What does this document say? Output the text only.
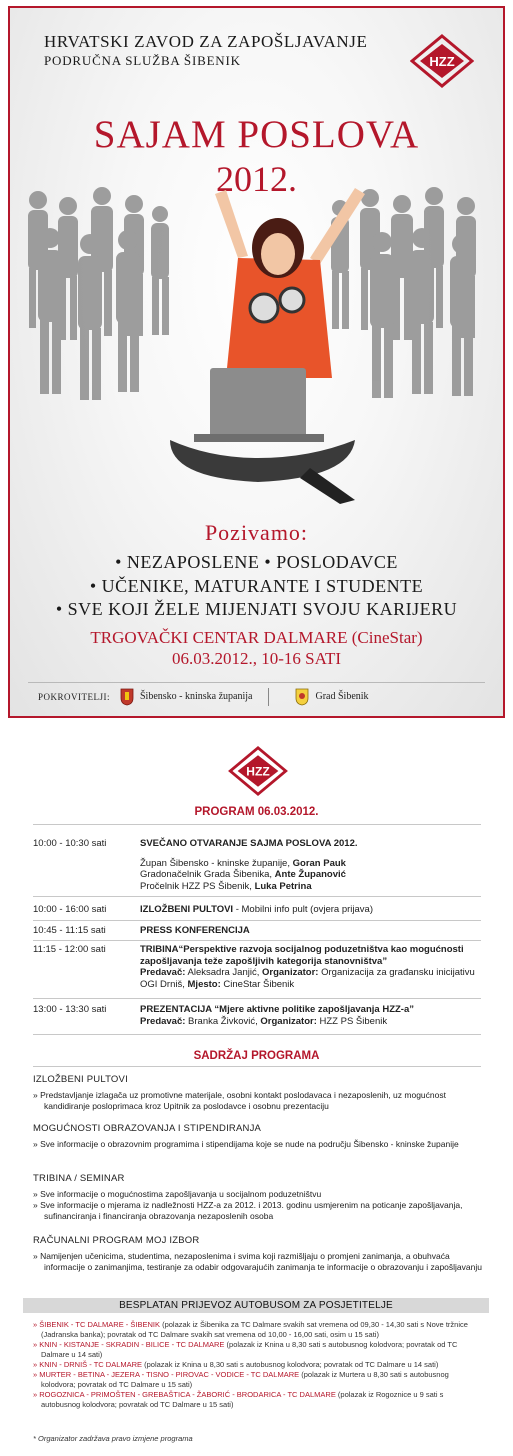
HRVATSKI ZAVOD ZA ZAPOŠLJAVANJE
PODRUČNA SLUŽBA ŠIBENIK	HZZ
SAJAM POSLOVA
2012.
Pozivamo:
• NEZAPOSLENE • POSLODAVCE
• UČENIKE, MATURANTE I STUDENTE
• SVE KOJI ŽELE MIJENJATI SVOJU KARIJERU
TRGOVAČKI CENTAR DALMARE (CineStar)
06.03.2012., 10-16 SATI
POKROVITELJI:	Šibensko - kninska županija	Grad Šibenik
HZZ
PROGRAM 06.03.2012.
10:00 - 10:30 sati	SVEČANO OTVARANJE SAJMA POSLOVA 2012.
Župan Šibensko - kninske županije, Goran Pauk
Gradonačelnik Grada Šibenika, Ante Županović
Pročelnik HZZ PS Šibenik, Luka Petrina
10:00 - 16:00 sati	IZLOŽBENI PULTOVI - Mobilni info pult (ovjera prijava)
10:45 - 11:15 sati	PRESS KONFERENCIJA
11:15 - 12:00 sati	TRIBINA“Perspektive razvoja socijalnog poduzetništva kao mogućnosti zapošljavanja teže zapošljivih kategorija stanovništva”
Predavač: Aleksadra Janjić, Organizator: Organizacija za građansku inicijativu OGI Drniš, Mjesto: CineStar Šibenik
13:00 - 13:30 sati	PREZENTACIJA “Mjere aktivne politike zapošljavanja HZZ-a”
Predavač: Branka Živković, Organizator: HZZ PS Šibenik
SADRŽAJ PROGRAMA
IZLOŽBENI PULTOVI
» Predstavljanje izlagača uz promotivne materijale, osobni kontakt poslodavaca i nezaposlenih, uz mogućnost kandidiranje posloprimaca kroz Upitnik za poslodavce i osobnu prezentaciju
MOGUĆNOSTI OBRAZOVANJA I STIPENDIRANJA
» Sve informacije o obrazovnim programima i stipendijama koje se nude na području Šibensko - kninske županije
TRIBINA / SEMINAR
» Sve informacije o mogućnostima zapošljavanja u socijalnom poduzetništvu
» Sve informacije o mjerama iz nadležnosti HZZ-a za 2012. i 2013. godinu usmjerenim na poticanje zapošljavanja, sufinanciranja i financiranja obrazovanja nezaposlenih osoba
RAČUNALNI PROGRAM MOJ IZBOR
» Namijenjen učenicima, studentima, nezaposlenima i svima koji razmišljaju o promjeni zanimanja, a obuhvaća informacije o zanimanjima, testiranje za odabir odgovarajućih zanimanja te informacije o obrazovanju i zapošljavanju
BESPLATAN PRIJEVOZ AUTOBUSOM ZA POSJETITELJE
» ŠIBENIK - TC DALMARE - ŠIBENIK (polazak iz Šibenika za TC Dalmare svakih sat vremena od 09,30 - 14,30 sati s Nove tržnice (Jadranska banka); povratak od TC Dalmare svakih sat vremena od 10,00 - 16,00 sati, osim u 15 sati)
» KNIN - KISTANJE - SKRADIN - BILICE - TC DALMARE (polazak iz Knina u 8,30 sati s autobusnog kolodvora; povratak od TC Dalmare u 14 sati)
» KNIN - DRNIŠ - TC DALMARE (polazak iz Knina u 8,30 sati s autobusnog kolodvora; povratak od TC Dalmare u 14 sati)
» MURTER - BETINA - JEZERA - TISNO - PIROVAC - VODICE - TC DALMARE (polazak iz Murtera u 8,30 sati s autobusnog kolodvora; povratak od TC Dalmare u 15 sati)
» ROGOZNICA - PRIMOŠTEN - GREBAŠTICA - ŽABORIĆ - BRODARICA - TC DALMARE (polazak iz Rogoznice u 9 sati s autobusnog kolodvora; povratak od TC Dalmare u 15 sati)
* Organizator zadržava pravo izmjene programa
